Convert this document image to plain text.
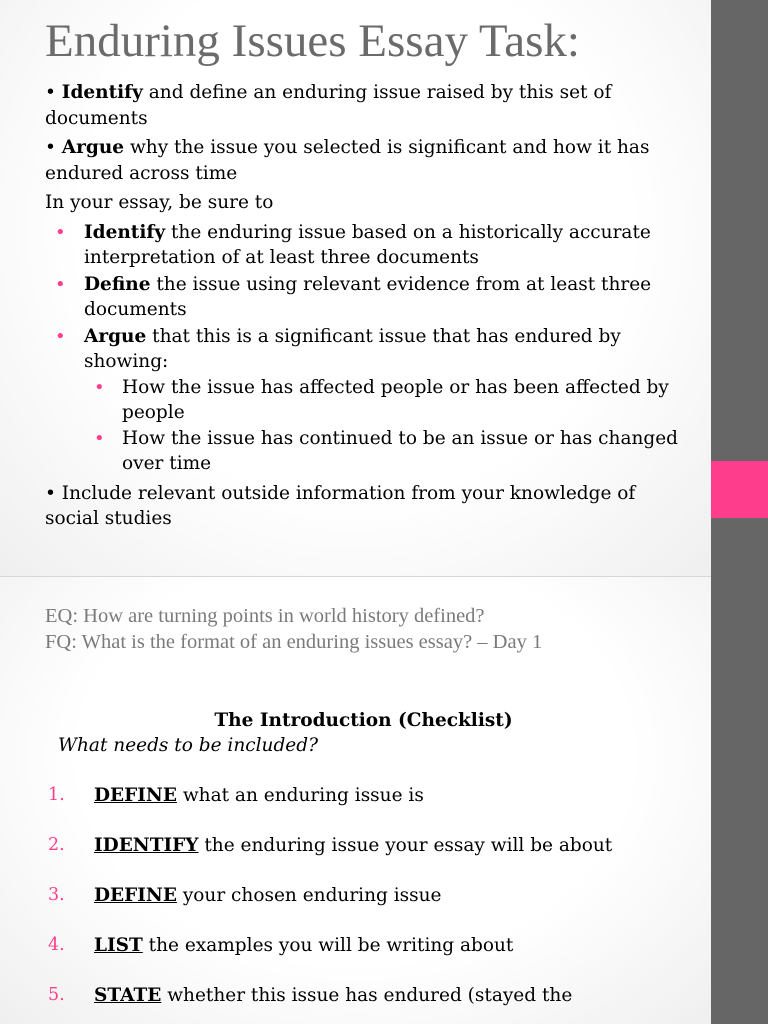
Enduring Issues Essay Task:

• Identify and define an enduring issue raised by this set of documents

• Argue why the issue you selected is significant and how it has endured across time

In your essay, be sure to

• Identify the enduring issue based on a historically accurate interpretation of at least three documents
• Define the issue using relevant evidence from at least three documents
• Argue that this is a significant issue that has endured by showing:
• How the issue has affected people or has been affected by people
• How the issue has continued to be an issue or has changed over time

• Include relevant outside information from your knowledge of social studies

EQ: How are turning points in world history defined?
FQ: What is the format of an enduring issues essay? – Day 1
The Introduction (Checklist)
What needs to be included?
1. DEFINE what an enduring issue is
2. IDENTIFY the enduring issue your essay will be about
3. DEFINE your chosen enduring issue
4. LIST the examples you will be writing about
5. STATE whether this issue has endured (stayed the
